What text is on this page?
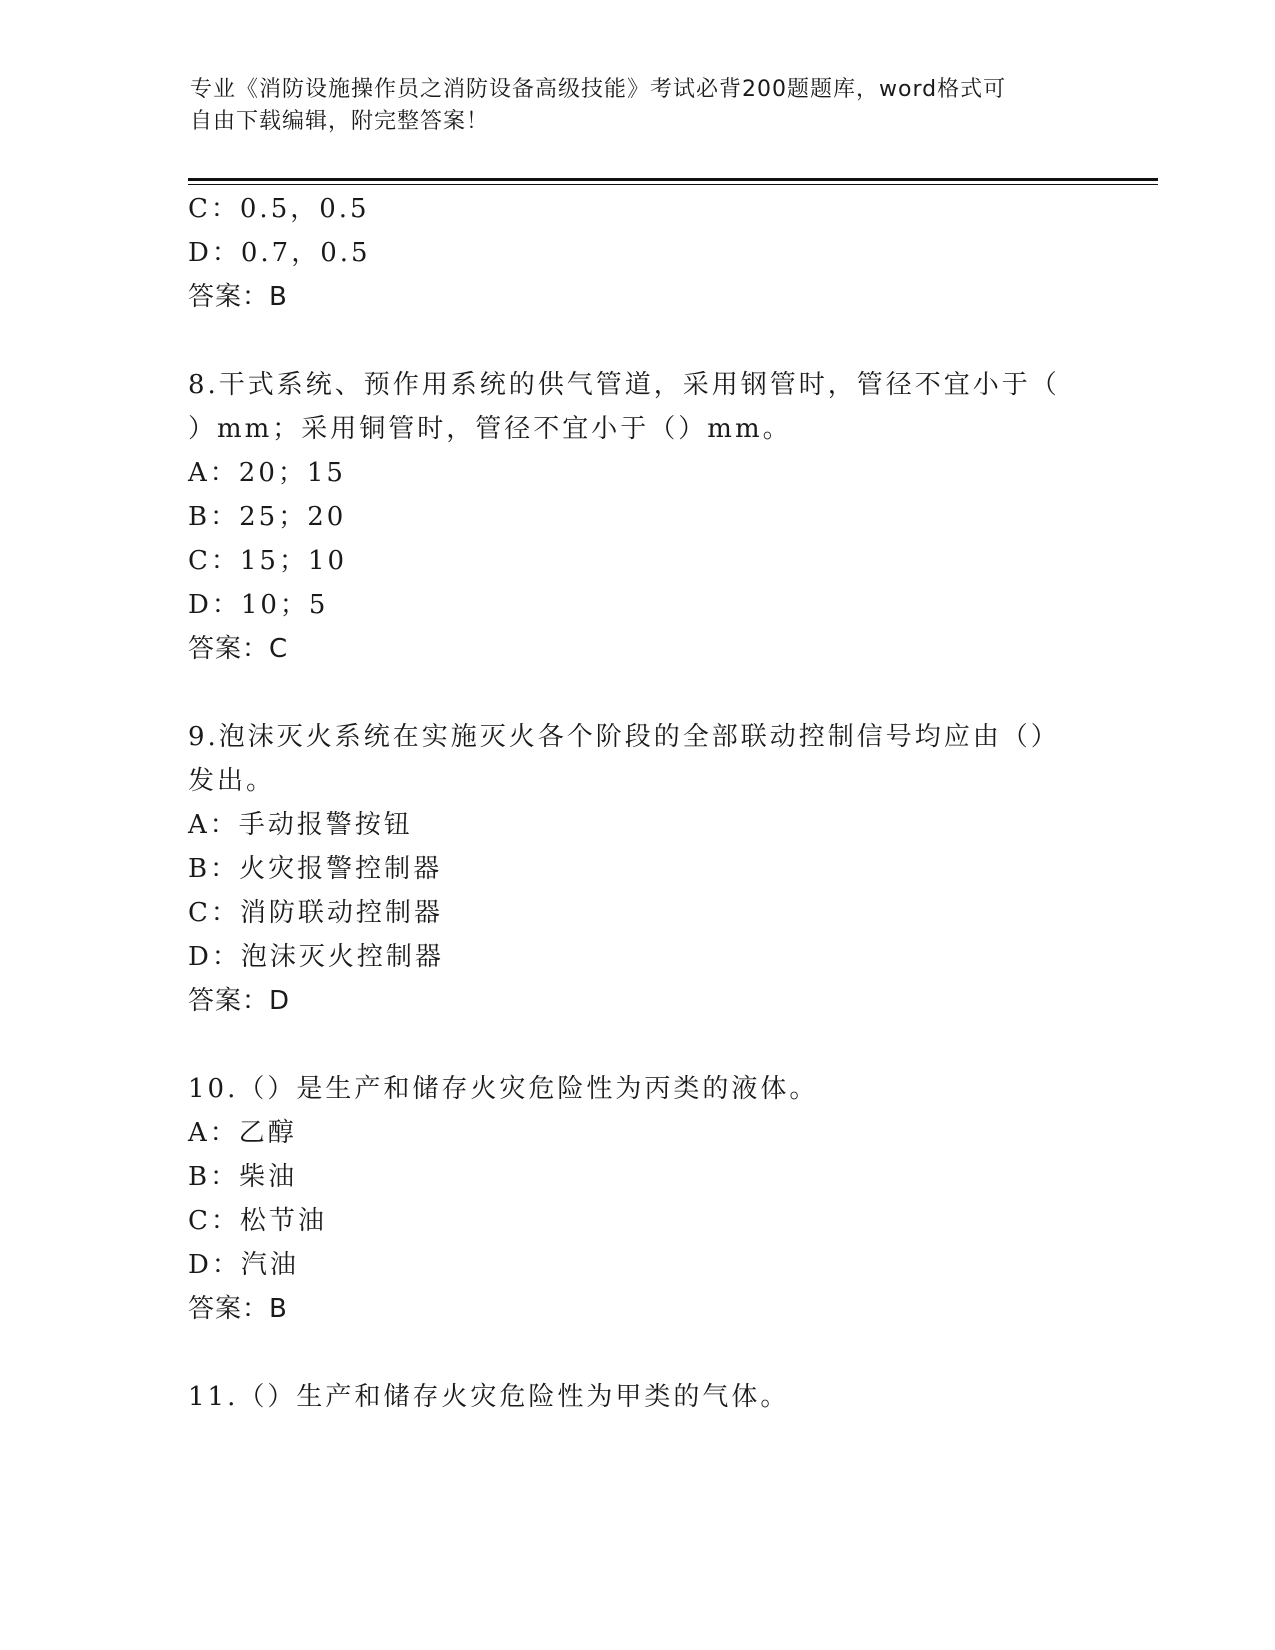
专业《消防设施操作员之消防设备高级技能》考试必背200题题库，word格式可
自由下载编辑，附完整答案！
C：0.5，0.5
D：0.7，0.5
答案：B
8.干式系统、预作用系统的供气管道，采用钢管时，管径不宜小于（
）mm；采用铜管时，管径不宜小于（）mm。
A：20；15
B：25；20
C：15；10
D：10；5
答案：C
9.泡沫灭火系统在实施灭火各个阶段的全部联动控制信号均应由（）
发出。
A：手动报警按钮
B：火灾报警控制器
C：消防联动控制器
D：泡沫灭火控制器
答案：D
10.（）是生产和储存火灾危险性为丙类的液体。
A：乙醇
B：柴油
C：松节油
D：汽油
答案：B
11.（）生产和储存火灾危险性为甲类的气体。
